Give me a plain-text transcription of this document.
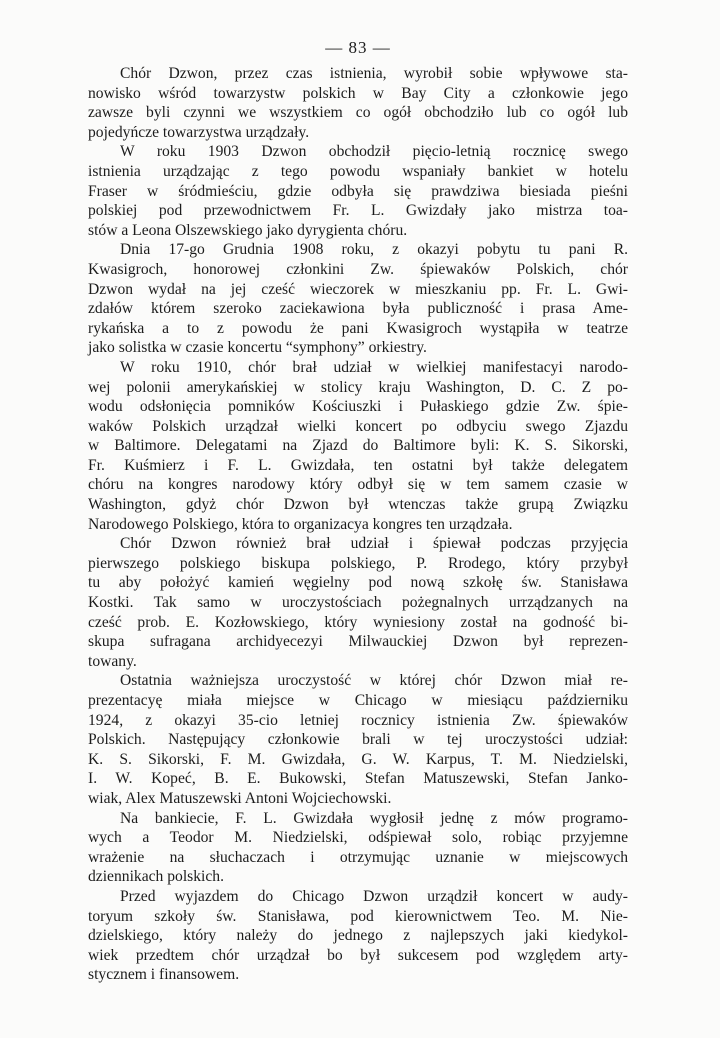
— 83 —
Chór Dzwon, przez czas istnienia, wyrobił sobie wpływowe sta-
nowisko wśród towarzystw polskich w Bay City a członkowie jego
zawsze byli czynni we wszystkiem co ogół obchodziło lub co ogół lub
pojedyńcze towarzystwa urządzały.
W roku 1903 Dzwon obchodził pięcio-letnią rocznicę swego
istnienia urządzając z tego powodu wspaniały bankiet w hotelu
Fraser w śródmieściu, gdzie odbyła się prawdziwa biesiada pieśni
polskiej pod przewodnictwem Fr. L. Gwizdały jako mistrza toa-
stów a Leona Olszewskiego jako dyrygienta chóru.
Dnia 17-go Grudnia 1908 roku, z okazyi pobytu tu pani R.
Kwasigroch, honorowej członkini Zw. śpiewaków Polskich, chór
Dzwon wydał na jej cześć wieczorek w mieszkaniu pp. Fr. L. Gwi-
zdałów którem szeroko zaciekawiona była publiczność i prasa Ame-
rykańska a to z powodu że pani Kwasigroch wystąpiła w teatrze
jako solistka w czasie koncertu “symphony” orkiestry.
W roku 1910, chór brał udział w wielkiej manifestacyi narodo-
wej polonii amerykańskiej w stolicy kraju Washington, D. C. Z po-
wodu odsłonięcia pomników Kościuszki i Pułaskiego gdzie Zw. śpie-
waków Polskich urządzał wielki koncert po odbyciu swego Zjazdu
w Baltimore. Delegatami na Zjazd do Baltimore byli: K. S. Sikorski,
Fr. Kuśmierz i F. L. Gwizdała, ten ostatni był także delegatem
chóru na kongres narodowy który odbył się w tem samem czasie w
Washington, gdyż chór Dzwon był wtenczas także grupą Związku
Narodowego Polskiego, która to organizacya kongres ten urządzała.
Chór Dzwon również brał udział i śpiewał podczas przyjęcia
pierwszego polskiego biskupa polskiego, P. Rrodego, który przybył
tu aby położyć kamień węgielny pod nową szkołę św. Stanisława
Kostki. Tak samo w uroczystościach pożegnalnych urrządzanych na
cześć prob. E. Kozłowskiego, który wyniesiony został na godność bi-
skupa sufragana archidyecezyi Milwauckiej Dzwon był reprezen-
towany.
Ostatnia ważniejsza uroczystość w której chór Dzwon miał re-
prezentacyę miała miejsce w Chicago w miesiącu październiku
1924, z okazyi 35-cio letniej rocznicy istnienia Zw. śpiewaków
Polskich. Następujący członkowie brali w tej uroczystości udział:
K. S. Sikorski, F. M. Gwizdała, G. W. Karpus, T. M. Niedzielski,
I. W. Kopeć, B. E. Bukowski, Stefan Matuszewski, Stefan Janko-
wiak, Alex Matuszewski Antoni Wojciechowski.
Na bankiecie, F. L. Gwizdała wygłosił jednę z mów programo-
wych a Teodor M. Niedzielski, odśpiewał solo, robiąc przyjemne
wrażenie na słuchaczach i otrzymując uznanie w miejscowych
dziennikach polskich.
Przed wyjazdem do Chicago Dzwon urządził koncert w audy-
toryum szkoły św. Stanisława, pod kierownictwem Teo. M. Nie-
dzielskiego, który należy do jednego z najlepszych jaki kiedykol-
wiek przedtem chór urządzał bo był sukcesem pod względem arty-
stycznem i finansowem.
